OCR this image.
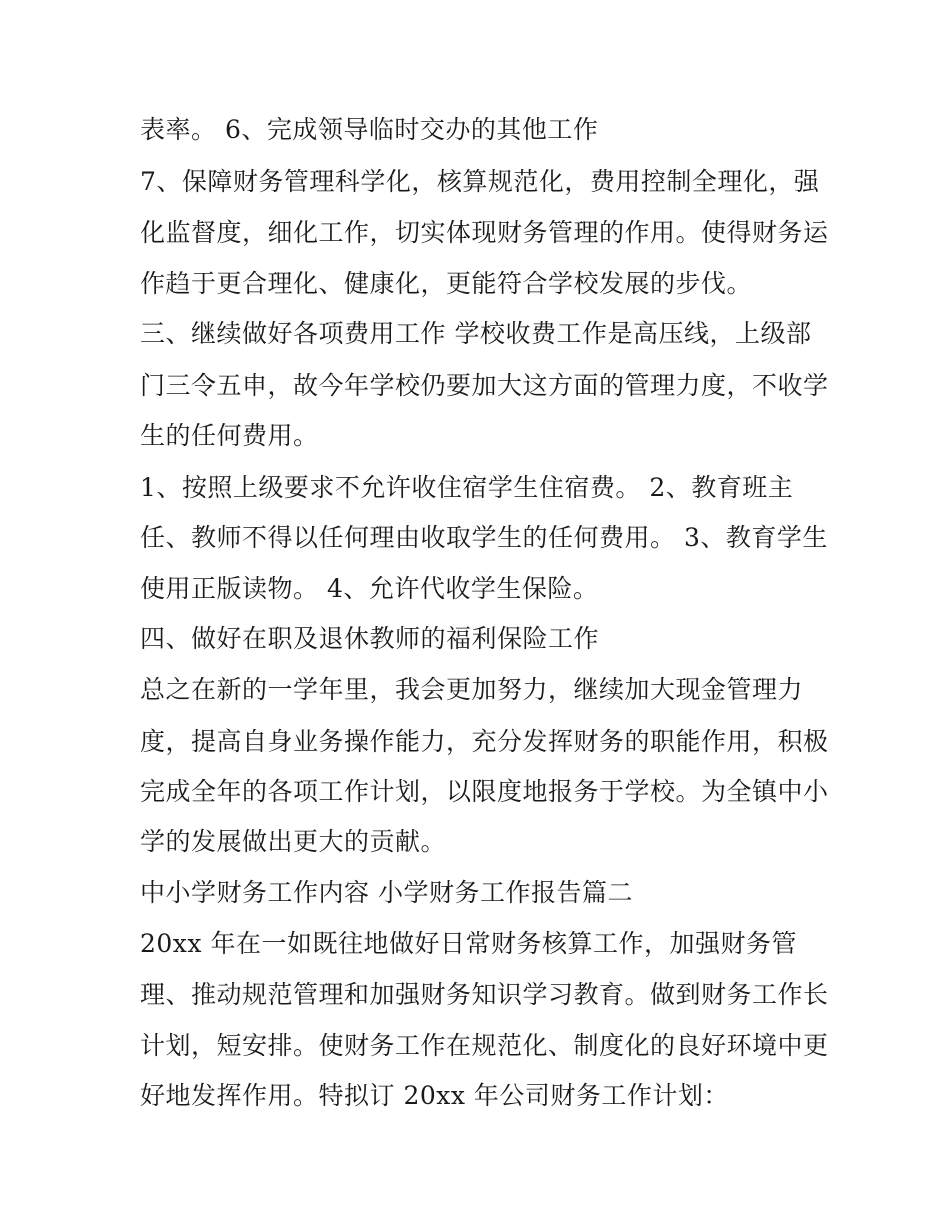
表率。 6、完成领导临时交办的其他工作
7、保障财务管理科学化，核算规范化，费用控制全理化，强
化监督度，细化工作，切实体现财务管理的作用。使得财务运
作趋于更合理化、健康化，更能符合学校发展的步伐。
三、继续做好各项费用工作 学校收费工作是高压线，上级部
门三令五申，故今年学校仍要加大这方面的管理力度，不收学
生的任何费用。
1、按照上级要求不允许收住宿学生住宿费。 2、教育班主
任、教师不得以任何理由收取学生的任何费用。 3、教育学生
使用正版读物。 4、允许代收学生保险。
四、做好在职及退休教师的福利保险工作
总之在新的一学年里，我会更加努力，继续加大现金管理力
度，提高自身业务操作能力，充分发挥财务的职能作用，积极
完成全年的各项工作计划，以限度地报务于学校。为全镇中小
学的发展做出更大的贡献。
中小学财务工作内容 小学财务工作报告篇二
20xx 年在一如既往地做好日常财务核算工作，加强财务管
理、推动规范管理和加强财务知识学习教育。做到财务工作长
计划，短安排。使财务工作在规范化、制度化的良好环境中更
好地发挥作用。特拟订 20xx 年公司财务工作计划：
